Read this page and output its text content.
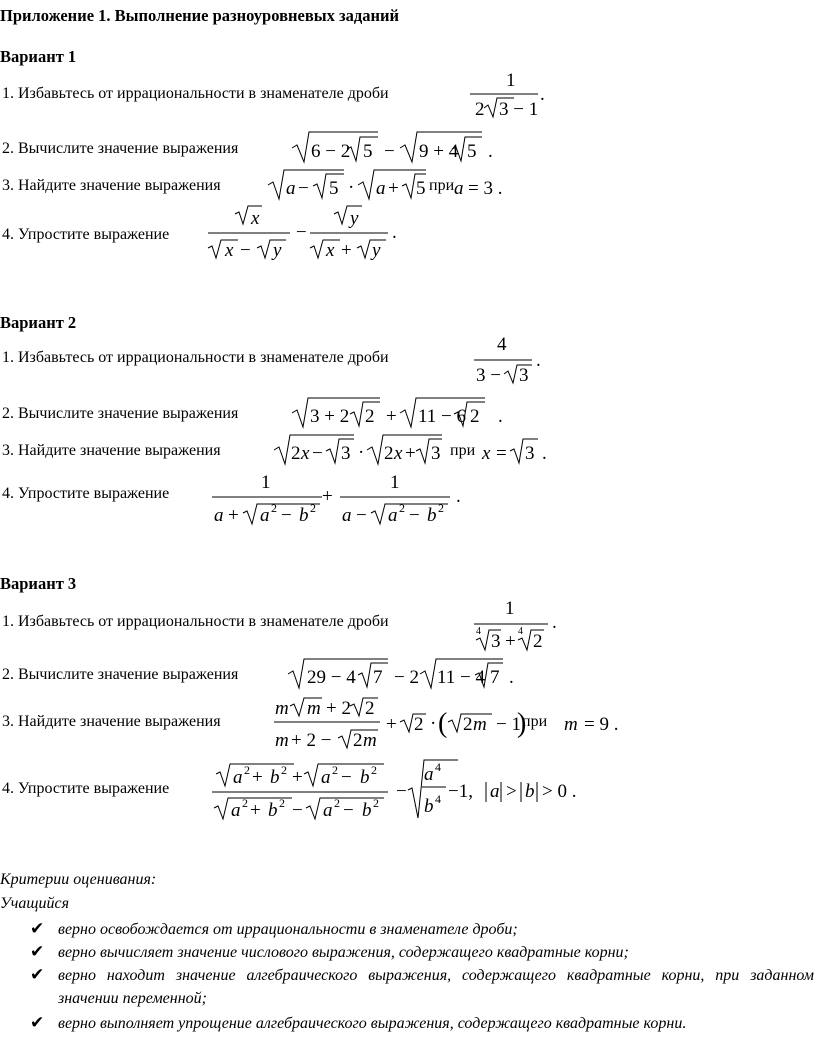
Приложение 1. Выполнение разноуровневых заданий
Вариант 1
1. Избавьтесь от иррациональности в знаменателе дроби
1
2 3 − 1
.
2. Вычислите значение выражения	6 − 2 5 − 9 + 4 5 .
3. Найдите значение выражения	a − 5 · a + 5 при a = 3 .
4. Упростите выражение
x
x − y
−
y
x + y
.
Вариант 2
1. Избавьтесь от иррациональности в знаменателе дроби
4
3 − 3
.
2. Вычислите значение выражения	3 + 2 2 + 11 − 6 2 .
3. Найдите значение выражения	2 x − 3 · 2 x + 3 при x = 3 .
4. Упростите выражение
1
a + a 2 − b 2
+
1
a − a 2 − b 2
.
Вариант 3
1. Избавьтесь от иррациональности в знаменателе дроби
1
4 3 + 4 2
.
2. Вычислите значение выражения	29 − 4 7 − 2 11 − 4 7 .
3. Найдите значение выражения
m m + 2 2
m + 2 − 2 m
+ 2 · ( 2 m − 1
)
при m = 9 .
4. Упростите выражение
a 2 + b 2 + a 2 − b 2
a 2 + b 2 − a 2 − b 2
−
a 4
b 4 −1, a > b > 0 .
Критерии оценивания:
Учащийся
✔ верно освобождается от иррациональности в знаменателе дроби;
✔ верно вычисляет значение числового выражения, содержащего квадратные корни;
✔ верно находит значение алгебраического выражения, содержащего квадратные корни, при заданном значении переменной;
✔ верно выполняет упрощение алгебраического выражения, содержащего квадратные корни.
